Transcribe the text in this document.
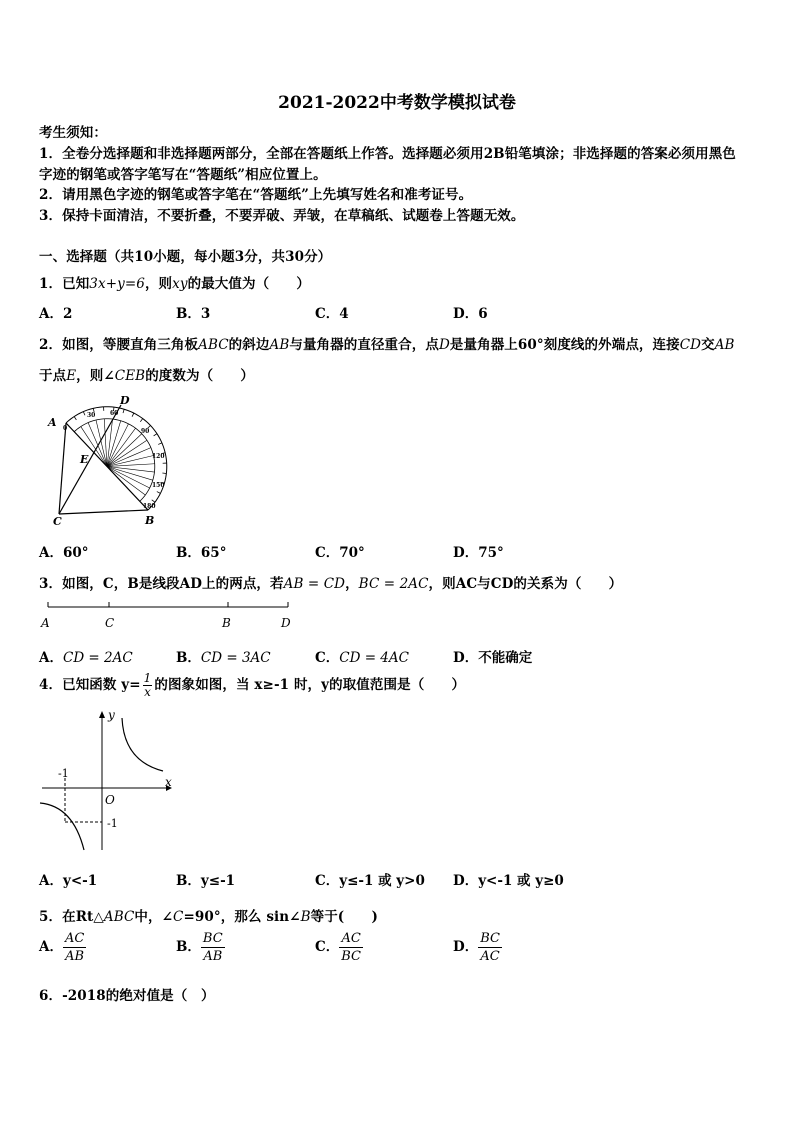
2021-2022中考数学模拟试卷
考生须知：
1．全卷分选择题和非选择题两部分，全部在答题纸上作答。选择题必须用2B铅笔填涂；非选择题的答案必须用黑色
字迹的钢笔或答字笔写在“答题纸”相应位置上。
2．请用黑色字迹的钢笔或答字笔在“答题纸”上先填写姓名和准考证号。
3．保持卡面清洁，不要折叠，不要弄破、弄皱，在草稿纸、试题卷上答题无效。
一、选择题（共10小题，每小题3分，共30分）
1．已知3x+y=6，则xy的最大值为（　　）
A．2	B．3	C．4	D．6
2．如图，等腰直角三角板ABC的斜边AB与量角器的直径重合，点D是量角器上60°刻度线的外端点，连接CD交AB
于点E，则∠CEB的度数为（　　）
A
C	B
D
E
0
30 60
90
120
150
180
A．60°	B．65°	C．70°	D．75°
3．如图，C，B是线段AD上的两点，若AB = CD，BC = 2AC，则AC与CD的关系为（　　）
A	C	B	D
A．CD = 2AC	B．CD = 3AC	C．CD = 4AC	D．不能确定
4．已知函数 $y= \frac{1}{x}$ 的图象如图，当 x≥-1 时，y的取值范围是（　　）
y
x
O
-1
-1
A．y<-1	B．y≤-1	C．y≤-1 或 y>0 D．y<-1 或 y≥0
5．在Rt△ABC中，∠C=90°，那么 sin∠B等于(　　)
A． $\frac{AC}{AB}$	B． $\frac{BC}{AB}$	C． $\frac{AC}{BC}$	D． $\frac{BC}{AC}$
6．-2018的绝对值是（　）
